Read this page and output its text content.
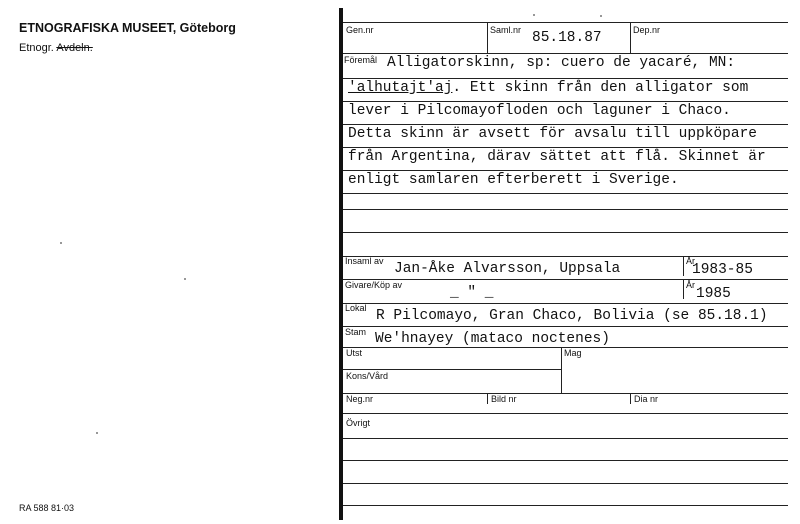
ETNOGRAFISKA MUSEET, Göteborg
Etnogr. Avdeln.
RA 588 81·03
Gen.nr	Saml.nr 85.18.87	Dep.nr
Föremål Alligatorskinn, sp: cuero de yacaré, MN:
'alhutajt'aj. Ett skinn från den alligator som
lever i Pilcomayofloden och laguner i Chaco.
Detta skinn är avsett för avsalu till uppköpare
från Argentina, därav sättet att flå. Skinnet är
enligt samlaren efterberett i Sverige.
Insaml av Jan-Åke Alvarsson, Uppsala	År
1983-85
Givare/Köp av	_ " _	År
1985
Lokal R Pilcomayo, Gran Chaco, Bolivia (se 85.18.1)
Stam We'hnayey (mataco noctenes)
Utst	Mag
Kons/Vård
Neg.nr	Bild nr	Dia nr
Övrigt
